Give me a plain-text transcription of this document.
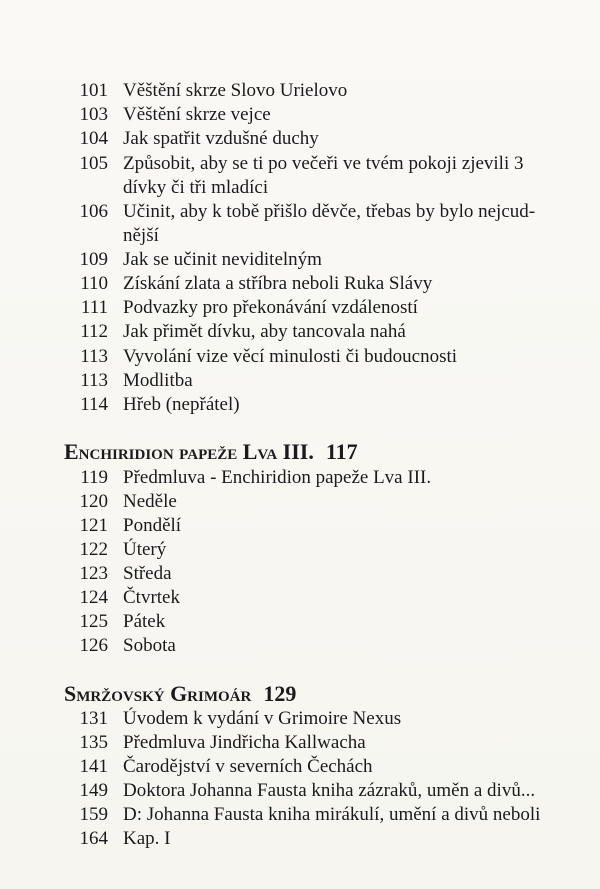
101 Věštění skrze Slovo Urielovo
103 Věštění skrze vejce
104 Jak spatřit vzdušné duchy
105 Způsobit, aby se ti po večeři ve tvém pokoji zjevili 3
dívky či tři mladíci
106 Učinit, aby k tobě přišlo děvče, třebas by bylo nejcud-
nější
109 Jak se učinit neviditelným
110 Získání zlata a stříbra neboli Ruka Slávy
111 Podvazky pro překonávání vzdáleností
112 Jak přimět dívku, aby tancovala nahá
113 Vyvolání vize věcí minulosti či budoucnosti
113 Modlitba
114 Hřeb (nepřátel)
Enchiridion papeže Lva III. 117
119 Předmluva - Enchiridion papeže Lva III.
120 Neděle
121 Pondělí
122 Úterý
123 Středa
124 Čtvrtek
125 Pátek
126 Sobota
Smržovský Grimoár 129
131 Úvodem k vydání v Grimoire Nexus
135 Předmluva Jindřicha Kallwacha
141 Čarodějství v severních Čechách
149 Doktora Johanna Fausta kniha zázraků, uměn a divů...
159 D: Johanna Fausta kniha mirákulí, umění a divů neboli
164 Kap. I
